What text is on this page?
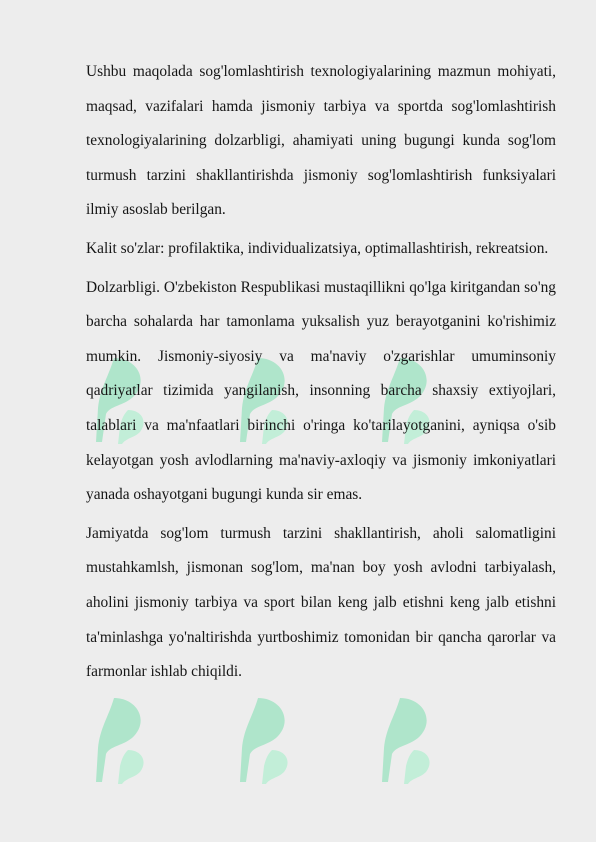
Ushbu maqolada sog'lomlashtirish texnologiyalarining mazmun mohiyati, maqsad, vazifalari hamda jismoniy tarbiya va sportda sog'lomlashtirish texnologiyalarining dolzarbligi, ahamiyati uning bugungi kunda sog'lom turmush tarzini shakllantirishda jismoniy sog'lomlashtirish funksiyalari ilmiy asoslab berilgan.

Kalit so'zlar: profilaktika, individualizatsiya, optimallashtirish, rekreatsion.

Dolzarbligi. O'zbekiston Respublikasi mustaqillikni qo'lga kiritgandan so'ng barcha sohalarda har tamonlama yuksalish yuz berayotganini ko'rishimiz mumkin. Jismoniy-siyosiy va ma'naviy o'zgarishlar umuminsoniy qadriyatlar tizimida yangilanish, insonning barcha shaxsiy extiyojlari, talablari va ma'nfaatlari birinchi o'ringa ko'tarilayotganini, ayniqsa o'sib kelayotgan yosh avlodlarning ma'naviy-axloqiy va jismoniy imkoniyatlari yanada oshayotgani bugungi kunda sir emas.

Jamiyatda sog'lom turmush tarzini shakllantirish, aholi salomatligini mustahkamlsh, jismonan sog'lom, ma'nan boy yosh avlodni tarbiyalash, aholini jismoniy tarbiya va sport bilan keng jalb etishni keng jalb etishni ta'minlashga yo'naltirishda yurtboshimiz tomonidan bir qancha qarorlar va farmonlar ishlab chiqildi.
